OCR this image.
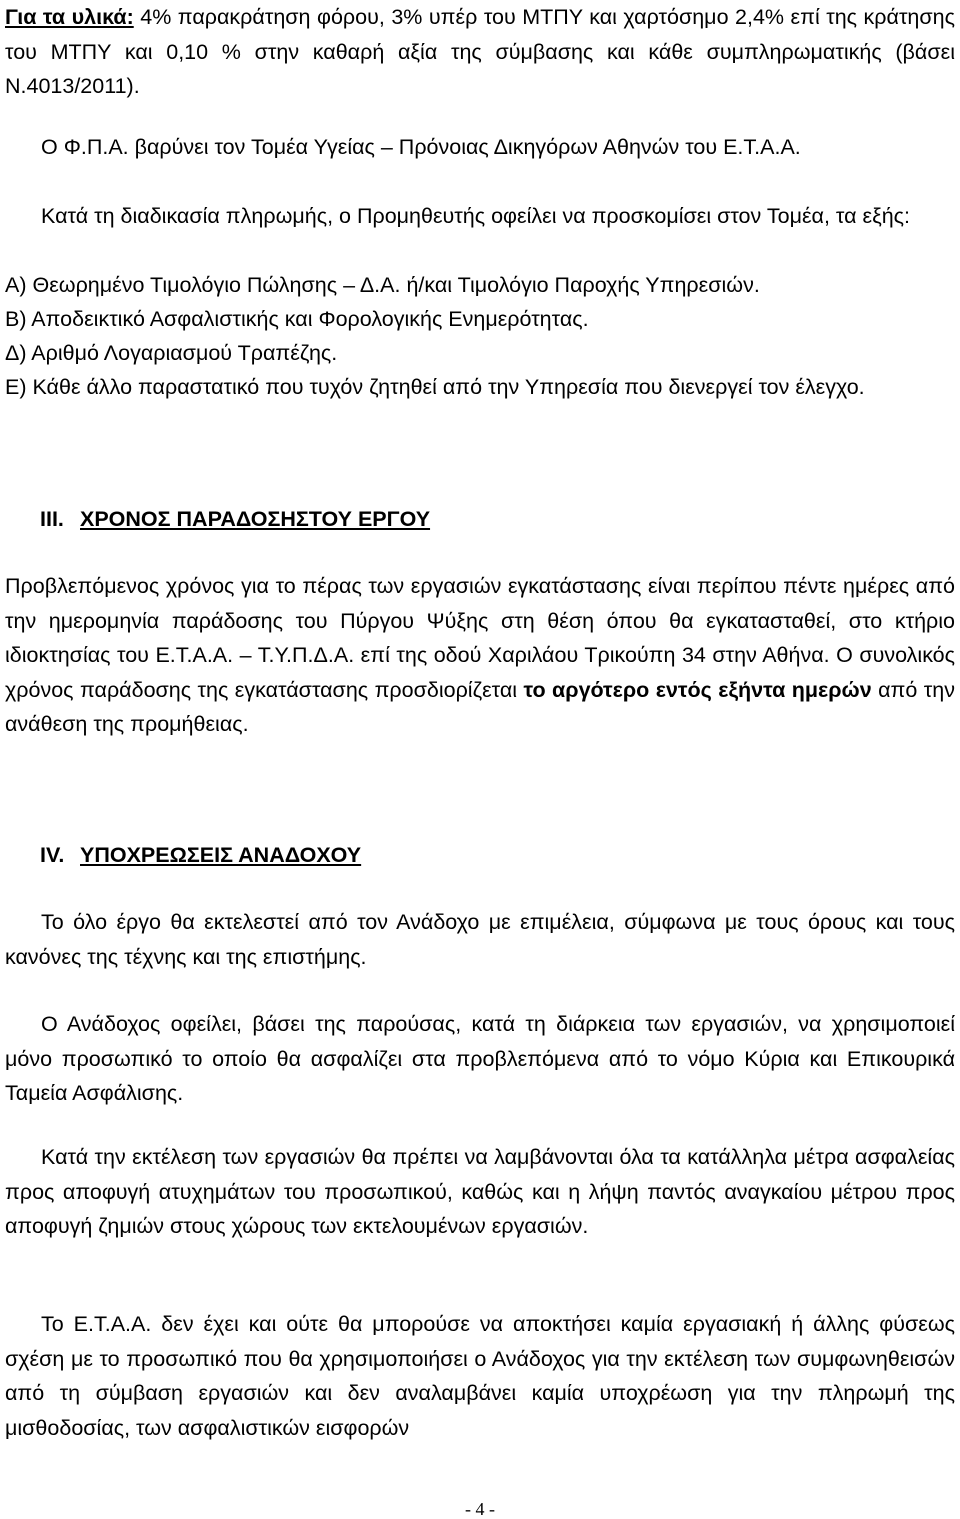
Για τα υλικά: 4% παρακράτηση φόρου, 3% υπέρ του ΜΤΠΥ και χαρτόσημο 2,4% επί της κράτησης του ΜΤΠΥ και 0,10 % στην καθαρή αξία της σύμβασης και κάθε συμπληρωματικής (βάσει Ν.4013/2011).

Ο Φ.Π.Α. βαρύνει τον Τομέα Υγείας – Πρόνοιας Δικηγόρων Αθηνών του Ε.Τ.Α.Α.

Κατά τη διαδικασία πληρωμής, ο Προμηθευτής οφείλει να προσκομίσει στον Τομέα, τα εξής:

Α) Θεωρημένο Τιμολόγιο Πώλησης – Δ.Α. ή/και Τιμολόγιο Παροχής Υπηρεσιών.

Β) Αποδεικτικό Ασφαλιστικής και Φορολογικής Ενημερότητας.

Δ) Αριθμό Λογαριασμού Τραπέζης.

Ε) Κάθε άλλο παραστατικό που τυχόν ζητηθεί από την Υπηρεσία που διενεργεί τον έλεγχο.

III. ΧΡΟΝΟΣ ΠΑΡΑΔΟΣΗΣΤΟΥ ΕΡΓΟΥ

Προβλεπόμενος χρόνος για το πέρας των εργασιών εγκατάστασης είναι περίπου πέντε ημέρες από την ημερομηνία παράδοσης του Πύργου Ψύξης στη θέση όπου θα εγκατασταθεί, στο κτήριο ιδιοκτησίας του Ε.Τ.Α.Α. – Τ.Υ.Π.Δ.Α. επί της οδού Χαριλάου Τρικούπη 34 στην Αθήνα. Ο συνολικός χρόνος παράδοσης της εγκατάστασης προσδιορίζεται το αργότερο εντός εξήντα ημερών από την ανάθεση της προμήθειας.

IV. ΥΠΟΧΡΕΩΣΕΙΣ ΑΝΑΔΟΧΟΥ

Το όλο έργο θα εκτελεστεί από τον Ανάδοχο με επιμέλεια, σύμφωνα με τους όρους και τους κανόνες της τέχνης και της επιστήμης.

Ο Ανάδοχος οφείλει, βάσει της παρούσας, κατά τη διάρκεια των εργασιών, να χρησιμοποιεί μόνο προσωπικό το οποίο θα ασφαλίζει στα προβλεπόμενα από το νόμο Κύρια και Επικουρικά Ταμεία Ασφάλισης.

Κατά την εκτέλεση των εργασιών θα πρέπει να λαμβάνονται όλα τα κατάλληλα μέτρα ασφαλείας προς αποφυγή ατυχημάτων του προσωπικού, καθώς και η λήψη παντός αναγκαίου μέτρου προς αποφυγή ζημιών στους χώρους των εκτελουμένων εργασιών.

Το Ε.Τ.Α.Α. δεν έχει και ούτε θα μπορούσε να αποκτήσει καμία εργασιακή ή άλλης φύσεως σχέση με το προσωπικό που θα χρησιμοποιήσει ο Ανάδοχος για την εκτέλεση των συμφωνηθεισών από τη σύμβαση εργασιών και δεν αναλαμβάνει καμία υποχρέωση για την πληρωμή της μισθοδοσίας, των ασφαλιστικών εισφορών

- 4 -
